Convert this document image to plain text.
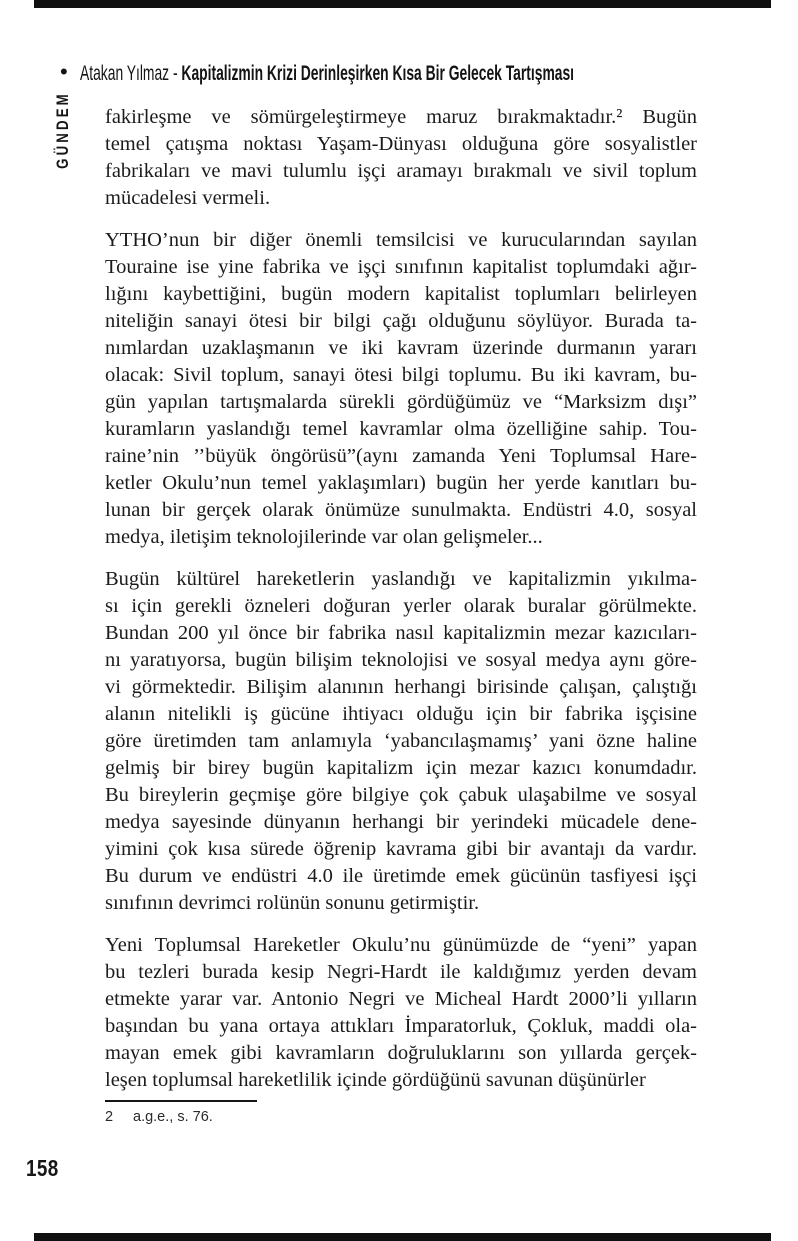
• Atakan Yılmaz - Kapitalizmin Krizi Derinleşirken Kısa Bir Gelecek Tartışması
GÜNDEM fakirleşme ve sömürgeleştirmeye maruz bırakmaktadır.² Bugün
temel çatışma noktası Yaşam-Dünyası olduğuna göre sosyalistler
fabrikaları ve mavi tulumlu işçi aramayı bırakmalı ve sivil toplum
mücadelesi vermeli.
YTHO’nun bir diğer önemli temsilcisi ve kurucularından sayılan
Touraine ise yine fabrika ve işçi sınıfının kapitalist toplumdaki ağır-
lığını kaybettiğini, bugün modern kapitalist toplumları belirleyen
niteliğin sanayi ötesi bir bilgi çağı olduğunu söylüyor. Burada ta-
nımlardan uzaklaşmanın ve iki kavram üzerinde durmanın yararı
olacak: Sivil toplum, sanayi ötesi bilgi toplumu. Bu iki kavram, bu-
gün yapılan tartışmalarda sürekli gördüğümüz ve “Marksizm dışı”
kuramların yaslandığı temel kavramlar olma özelliğine sahip. Tou-
raine’nin ’’büyük öngörüsü”(aynı zamanda Yeni Toplumsal Hare-
ketler Okulu’nun temel yaklaşımları) bugün her yerde kanıtları bu-
lunan bir gerçek olarak önümüze sunulmakta. Endüstri 4.0, sosyal
medya, iletişim teknolojilerinde var olan gelişmeler...
Bugün kültürel hareketlerin yaslandığı ve kapitalizmin yıkılma-
sı için gerekli özneleri doğuran yerler olarak buralar görülmekte.
Bundan 200 yıl önce bir fabrika nasıl kapitalizmin mezar kazıcıları-
nı yaratıyorsa, bugün bilişim teknolojisi ve sosyal medya aynı göre-
vi görmektedir. Bilişim alanının herhangi birisinde çalışan, çalıştığı
alanın nitelikli iş gücüne ihtiyacı olduğu için bir fabrika işçisine
göre üretimden tam anlamıyla ‘yabancılaşmamış’ yani özne haline
gelmiş bir birey bugün kapitalizm için mezar kazıcı konumdadır.
Bu bireylerin geçmişe göre bilgiye çok çabuk ulaşabilme ve sosyal
medya sayesinde dünyanın herhangi bir yerindeki mücadele dene-
yimini çok kısa sürede öğrenip kavrama gibi bir avantajı da vardır.
Bu durum ve endüstri 4.0 ile üretimde emek gücünün tasfiyesi işçi
sınıfının devrimci rolünün sonunu getirmiştir.
Yeni Toplumsal Hareketler Okulu’nu günümüzde de “yeni” yapan
bu tezleri burada kesip Negri-Hardt ile kaldığımız yerden devam
etmekte yarar var. Antonio Negri ve Micheal Hardt 2000’li yılların
başından bu yana ortaya attıkları İmparatorluk, Çokluk, maddi ola-
mayan emek gibi kavramların doğruluklarını son yıllarda gerçek-
leşen toplumsal hareketlilik içinde gördüğünü savunan düşünürler
2 a.g.e., s. 76.
158
